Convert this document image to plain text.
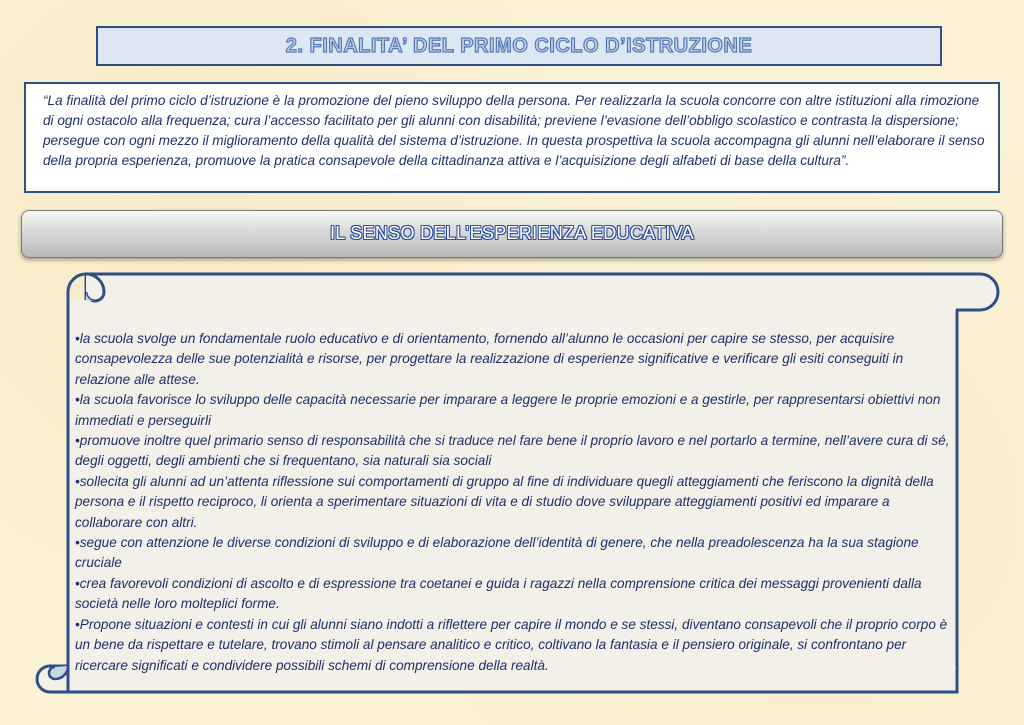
2. FINALITA’ DEL PRIMO CICLO D’ISTRUZIONE

“La finalità del primo ciclo d’istruzione è la promozione del pieno sviluppo della persona. Per realizzarla la scuola concorre con altre istituzioni alla rimozione di ogni ostacolo alla frequenza; cura l’accesso facilitato per gli alunni con disabilità; previene l’evasione dell’obbligo scolastico e contrasta la dispersione; persegue con ogni mezzo il miglioramento della qualità del sistema d’istruzione. In questa prospettiva la scuola accompagna gli alunni nell’elaborare il senso della propria esperienza, promuove la pratica consapevole della cittadinanza attiva e l’acquisizione degli alfabeti di base della cultura”.

IL SENSO DELL’ESPERIENZA EDUCATIVA

•la scuola svolge un fondamentale ruolo educativo e di orientamento, fornendo all’alunno le occasioni per capire se stesso, per acquisire consapevolezza delle sue potenzialità e risorse, per progettare la realizzazione di esperienze significative e verificare gli esiti conseguiti in relazione alle attese.

•la scuola favorisce lo sviluppo delle capacità necessarie per imparare a leggere le proprie emozioni e a gestirle, per rappresentarsi obiettivi non immediati e perseguirli

•promuove inoltre quel primario senso di responsabilità che si traduce nel fare bene il proprio lavoro e nel portarlo a termine, nell’avere cura di sé, degli oggetti, degli ambienti che si frequentano, sia naturali sia sociali

•sollecita gli alunni ad un’attenta riflessione sui comportamenti di gruppo al fine di individuare quegli atteggiamenti che feriscono la dignità della persona e il rispetto reciproco, li orienta a sperimentare situazioni di vita e di studio dove sviluppare atteggiamenti positivi ed imparare a collaborare con altri.

•segue con attenzione le diverse condizioni di sviluppo e di elaborazione dell’identità di genere, che nella preadolescenza ha la sua stagione cruciale

•crea favorevoli condizioni di ascolto e di espressione tra coetanei e guida i ragazzi nella comprensione critica dei messaggi provenienti dalla società nelle loro molteplici forme.

•Propone situazioni e contesti in cui gli alunni siano indotti a riflettere per capire il mondo e se stessi, diventano consapevoli che il proprio corpo è un bene da rispettare e tutelare, trovano stimoli al pensare analitico e critico, coltivano la fantasia e il pensiero originale, si confrontano per ricercare significati e condividere possibili schemi di comprensione della realtà.
